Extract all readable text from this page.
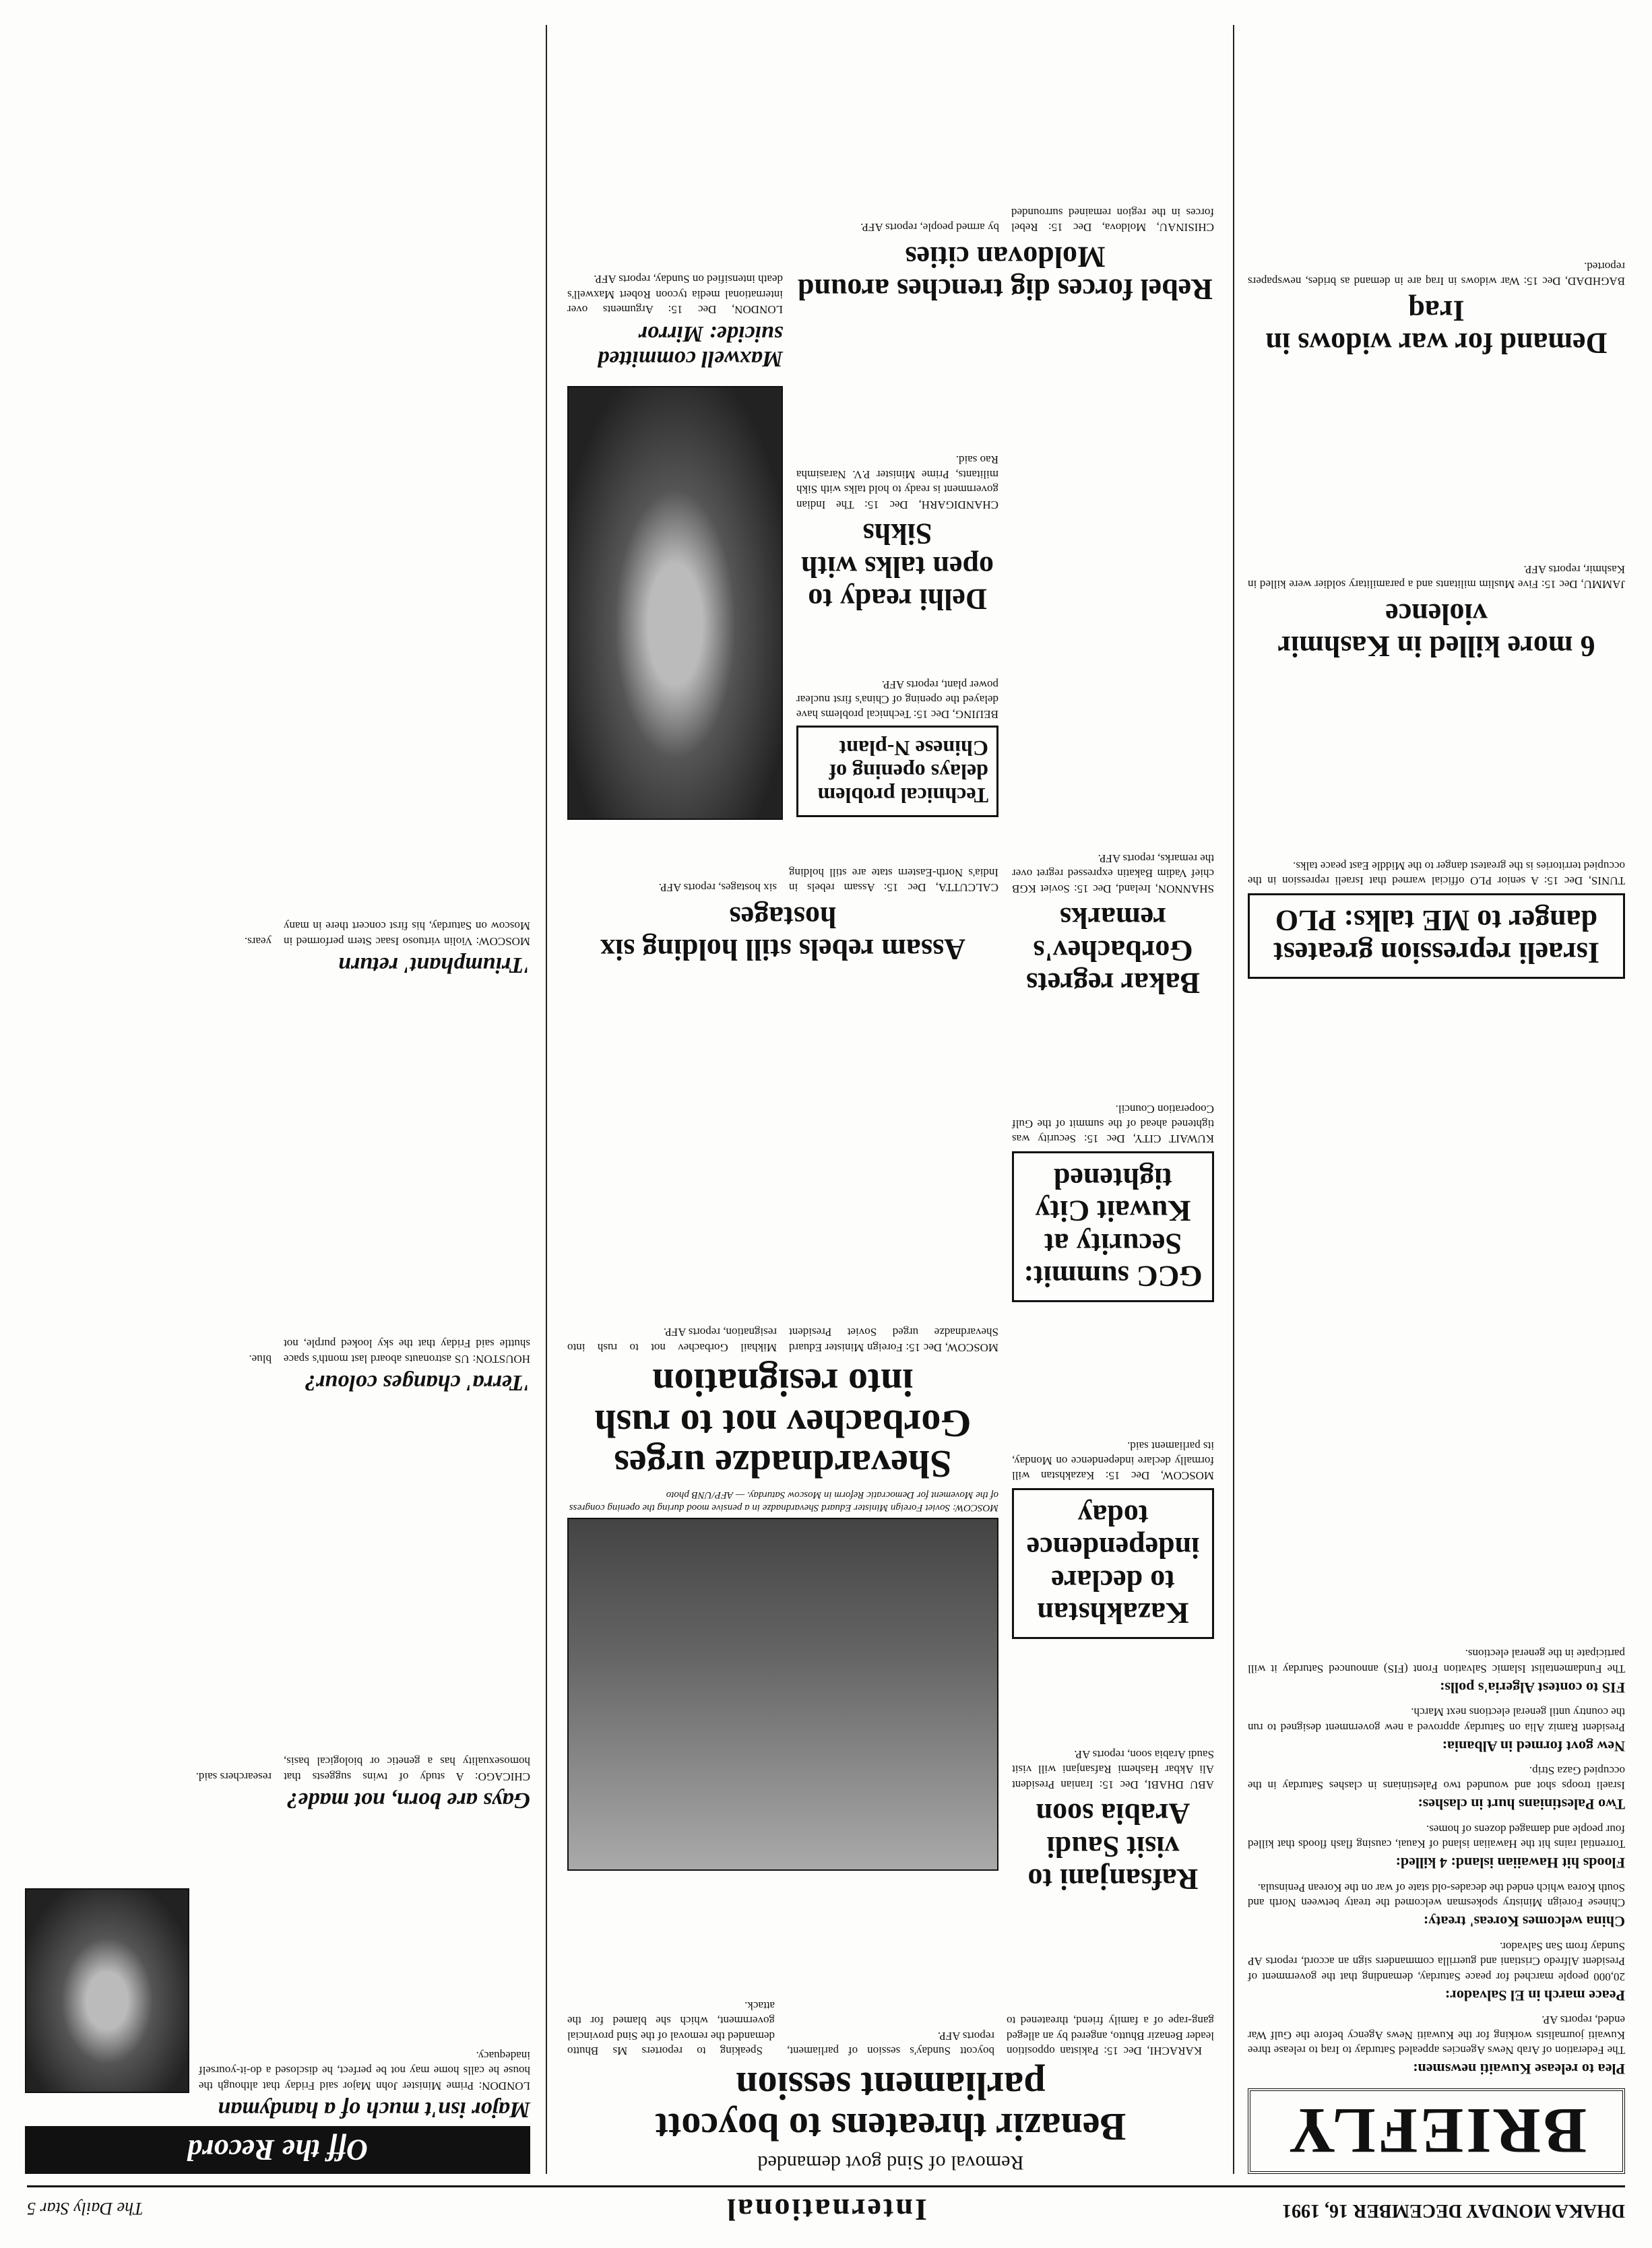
DHAKA MONDAY DECEMBER 16, 1991
International
The Daily Star 5
BRIEFLY
Plea to release Kuwaiti newsmen:
The Federation of Arab News Agencies appealed Saturday to Iraq to release three Kuwaiti journalists working for the Kuwaiti News Agency before the Gulf War ended, reports AP.
Peace march in El Salvador:
20,000 people marched for peace Saturday, demanding that the government of President Alfredo Cristiani and guerrilla commanders sign an accord, reports AP Sunday from San Salvador.
China welcomes Koreas' treaty:
Chinese Foreign Ministry spokesman welcomed the treaty between North and South Korea which ended the decades-old state of war on the Korean Peninsula.
Floods hit Hawaiian island: 4 killed:
Torrential rains hit the Hawaiian island of Kauai, causing flash floods that killed four people and damaged dozens of homes.
Two Palestinians hurt in clashes:
Israeli troops shot and wounded two Palestinians in clashes Saturday in the occupied Gaza Strip.
New govt formed in Albania:
President Ramiz Alia on Saturday approved a new government designed to run the country until general elections next March.
FIS to contest Algeria's polls:
The Fundamentalist Islamic Salvation Front (FIS) announced Saturday it will participate in the general elections.
Israeli repression greatest danger to ME talks: PLO
TUNIS, Dec 15: A senior PLO official warned that Israeli repression in the occupied territories is the greatest danger to the Middle East peace talks.
6 more killed in Kashmir violence
JAMMU, Dec 15: Five Muslim militants and a paramilitary soldier were killed in Kashmir, reports AFP.
Demand for war widows in Iraq
BAGHDAD, Dec 15: War widows in Iraq are in demand as brides, newspapers reported.
Removal of Sind govt demanded
Benazir threatens to boycott parliament session

KARACHI, Dec 15: Pakistan opposition leader Benazir Bhutto, angered by an alleged gang-rape of a family friend, threatened to boycott Sunday's session of parliament, reports AFP.

Speaking to reporters Ms Bhutto demanded the removal of the Sind provincial government, which she blamed for the attack.

Rafsanjani to visit Saudi Arabia soon
ABU DHABI, Dec 15: Iranian President Ali Akbar Hashemi Rafsanjani will visit Saudi Arabia soon, reports AP.
MOSCOW: Soviet Foreign Minister Eduard Shevardnadze in a pensive mood during the opening congress of the Movement for Democratic Reform in Moscow Saturday. — AFP/UNB photo
Shevardnadze urges Gorbachev not to rush into resignation
MOSCOW, Dec 15: Foreign Minister Eduard Shevardnadze urged Soviet President Mikhail Gorbachev not to rush into resignation, reports AFP.
Kazakhstan to declare independence today
MOSCOW, Dec 15: Kazakhstan will formally declare independence on Monday, its parliament said.
GCC summit: Security at Kuwait City tightened
KUWAIT CITY, Dec 15: Security was tightened ahead of the summit of the Gulf Cooperation Council.
Assam rebels still holding six hostages
CALCUTTA, Dec 15: Assam rebels in India's North-Eastern state are still holding six hostages, reports AFP.
Bakar regrets Gorbachev's remarks
SHANNON, Ireland, Dec 15: Soviet KGB chief Vadim Bakatin expressed regret over the remarks, reports AFP.
Technical problem delays opening of Chinese N-plant
BEIJING, Dec 15: Technical problems have delayed the opening of China's first nuclear power plant, reports AFP.
Delhi ready to open talks with Sikhs
CHANDIGARH, Dec 15: The Indian government is ready to hold talks with Sikh militants, Prime Minister P.V. Narasimha Rao said.
Maxwell committed suicide: Mirror
LONDON, Dec 15: Arguments over international media tycoon Robert Maxwell's death intensified on Sunday, reports AFP. Rebel forces dig trenches around Moldovan cities
CHISINAU, Moldova, Dec 15: Rebel forces in the region remained surrounded by armed people, reports AFP.
Off the Record
Major isn't much of a handyman
LONDON: Prime Minister John Major said Friday that although the house he calls home may not be perfect, he disclosed a do-it-yourself inadequacy.
Gays are born, not made?
CHICAGO: A study of twins suggests that homosexuality has a genetic or biological basis, researchers said.
'Terra' changes colour?
HOUSTON: US astronauts aboard last month's space shuttle said Friday that the sky looked purple, not blue.
'Triumphant' return
MOSCOW: Violin virtuoso Isaac Stern performed in Moscow on Saturday, his first concert there in many years.
